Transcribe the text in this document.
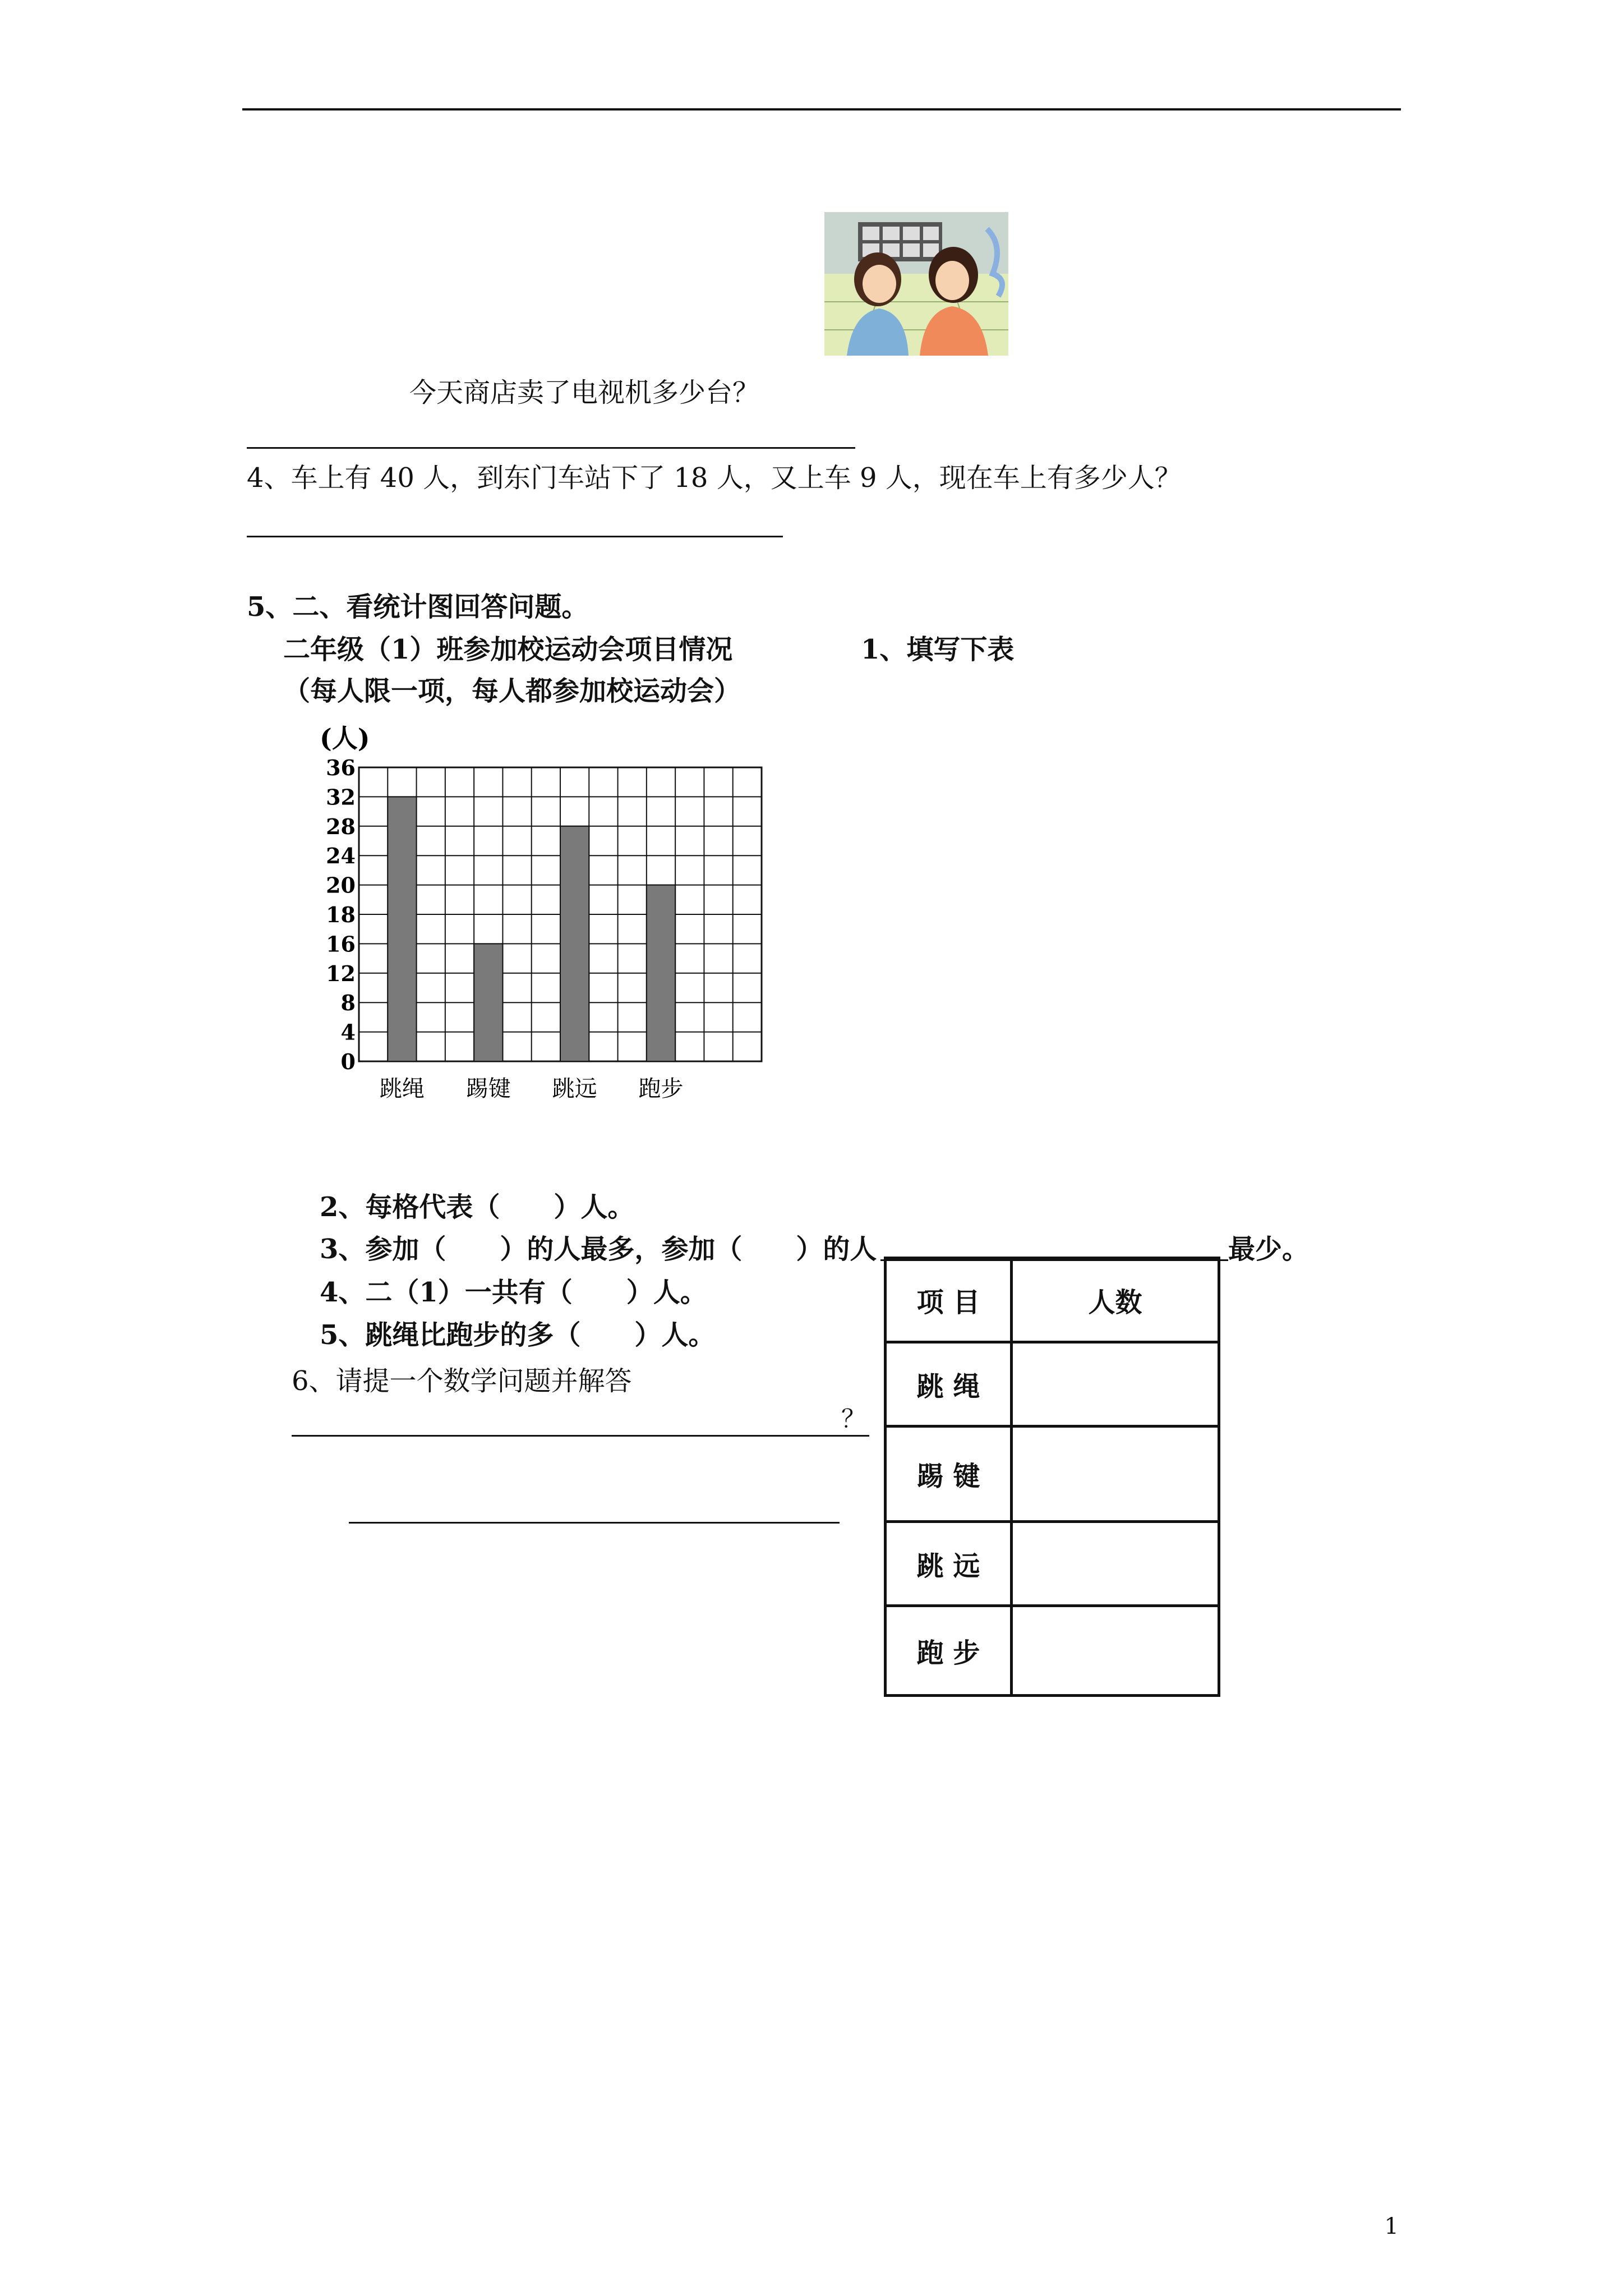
今天商店卖了电视机多少台？
4、车上有 40 人，到东门车站下了 18 人，又上车 9 人，现在车上有多少人？
5、二、看统计图回答问题。
二年级（1）班参加校运动会项目情况	1、填写下表
（每人限一项，每人都参加校运动会）
0
4
8
12
16
18
20
24
28
32
36
跳绳 踢键 跳远 跑步
(人)
2、每格代表（　　）人。
3、参加（　　）的人最多，参加（　　）的人	最少。
4、二（1）一共有（　　）人。
5、跳绳比跑步的多（　　）人。
6、请提一个数学问题并解答
？
项 目	人数
跳 绳	
踢 键	
跳 远	
跑 步	
1
